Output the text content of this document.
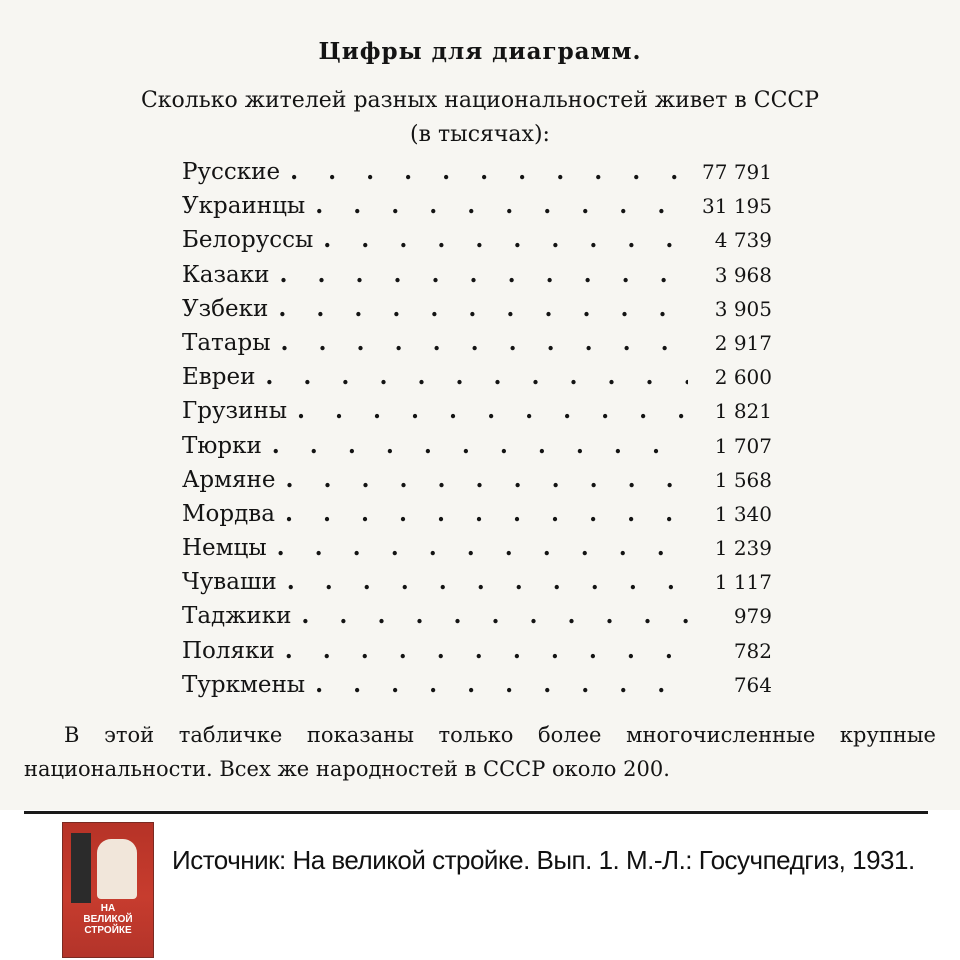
Цифры для диаграмм.
Сколько жителей разных национальностей живет в СССР
(в тысячах):
Русские . . .	77 791
Украинцы . . .	31 195
Белоруссы . . .	4 739
Казаки . . .	3 968
Узбеки . . .	3 905
Татары . . .	2 917
Евреи . . .	2 600
Грузины . . .	1 821
Тюрки . . .	1 707
Армяне . . .	1 568
Мордва . . .	1 340
Немцы . . .	1 239
Чуваши . . .	1 117
Таджики . . .	979
Поляки . . .	782
Туркмены . . .	764
В этой табличке показаны только более многочисленные крупные национальности. Всех же народностей в СССР около 200.
НА
ВЕЛИКОЙ
СТРОЙКЕ
Источник: На великой стройке. Вып. 1. М.-Л.: Госучпедгиз, 1931.
